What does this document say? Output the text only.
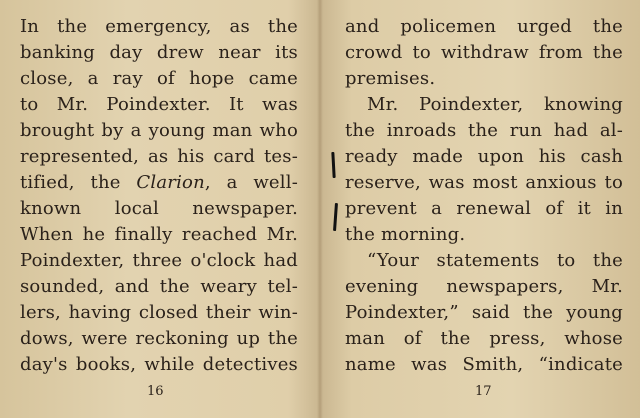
In the emergency, as the
banking day drew near its
close, a ray of hope came
to Mr. Poindexter. It was
brought by a young man who
represented, as his card tes-
tified, the Clarion, a well-
known local newspaper.
When he finally reached Mr.
Poindexter, three o'clock had
sounded, and the weary tel-
lers, having closed their win-
dows, were reckoning up the
day's books, while detectives
16
and policemen urged the
crowd to withdraw from the
premises.
Mr. Poindexter, knowing
the inroads the run had al-
ready made upon his cash
reserve, was most anxious to
prevent a renewal of it in
the morning.
“Your statements to the
evening newspapers, Mr.
Poindexter,” said the young
man of the press, whose
name was Smith, “indicate
17
